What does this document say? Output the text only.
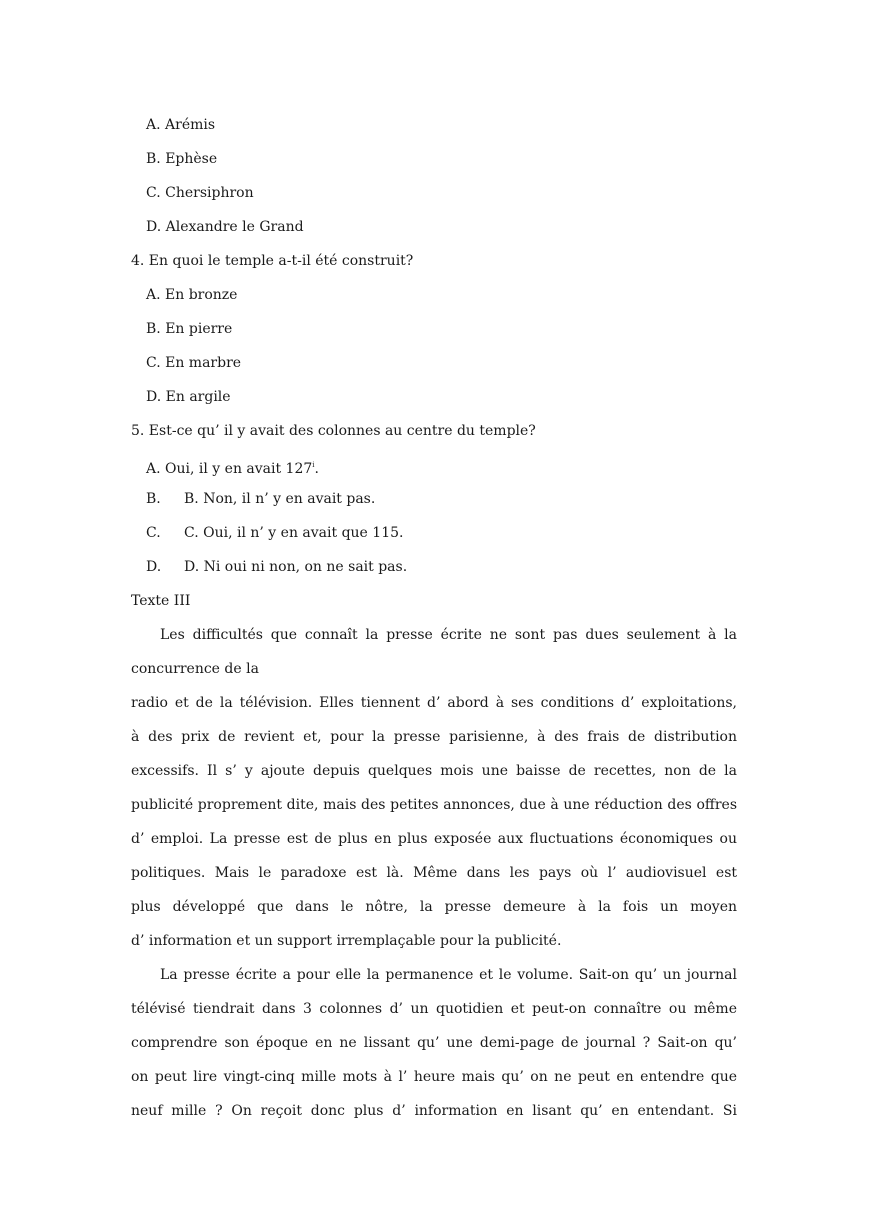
A. Arémis
B. Ephèse
C. Chersiphron
D. Alexandre le Grand
4. En quoi le temple a-t-il été construit?
A. En bronze
B. En pierre
C. En marbre
D. En argile
5. Est-ce qu’ il y avait des colonnes au centre du temple?
A. Oui, il y en avait 127$^i$.
B. B. Non, il n’ y en avait pas.
C. C. Oui, il n’ y en avait que 115.
D. D. Ni oui ni non, on ne sait pas.
Texte III
Les difficultés que connaît la presse écrite ne sont pas dues seulement à la
concurrence de la
radio et de la télévision. Elles tiennent d’ abord à ses conditions d’ exploitations,
à des prix de revient et, pour la presse parisienne, à des frais de distribution
excessifs. Il s’ y ajoute depuis quelques mois une baisse de recettes, non de la
publicité proprement dite, mais des petites annonces, due à une réduction des offres
d’ emploi. La presse est de plus en plus exposée aux fluctuations économiques ou
politiques. Mais le paradoxe est là. Même dans les pays où l’ audiovisuel est
plus développé que dans le nôtre, la presse demeure à la fois un moyen
d’ information et un support irremplaçable pour la publicité.
La presse écrite a pour elle la permanence et le volume. Sait-on qu’ un journal
télévisé tiendrait dans 3 colonnes d’ un quotidien et peut-on connaître ou même
comprendre son époque en ne lissant qu’ une demi-page de journal ? Sait-on qu’
on peut lire vingt-cinq mille mots à l’ heure mais qu’ on ne peut en entendre que
neuf mille ? On reçoit donc plus d’ information en lisant qu’ en entendant. Si
